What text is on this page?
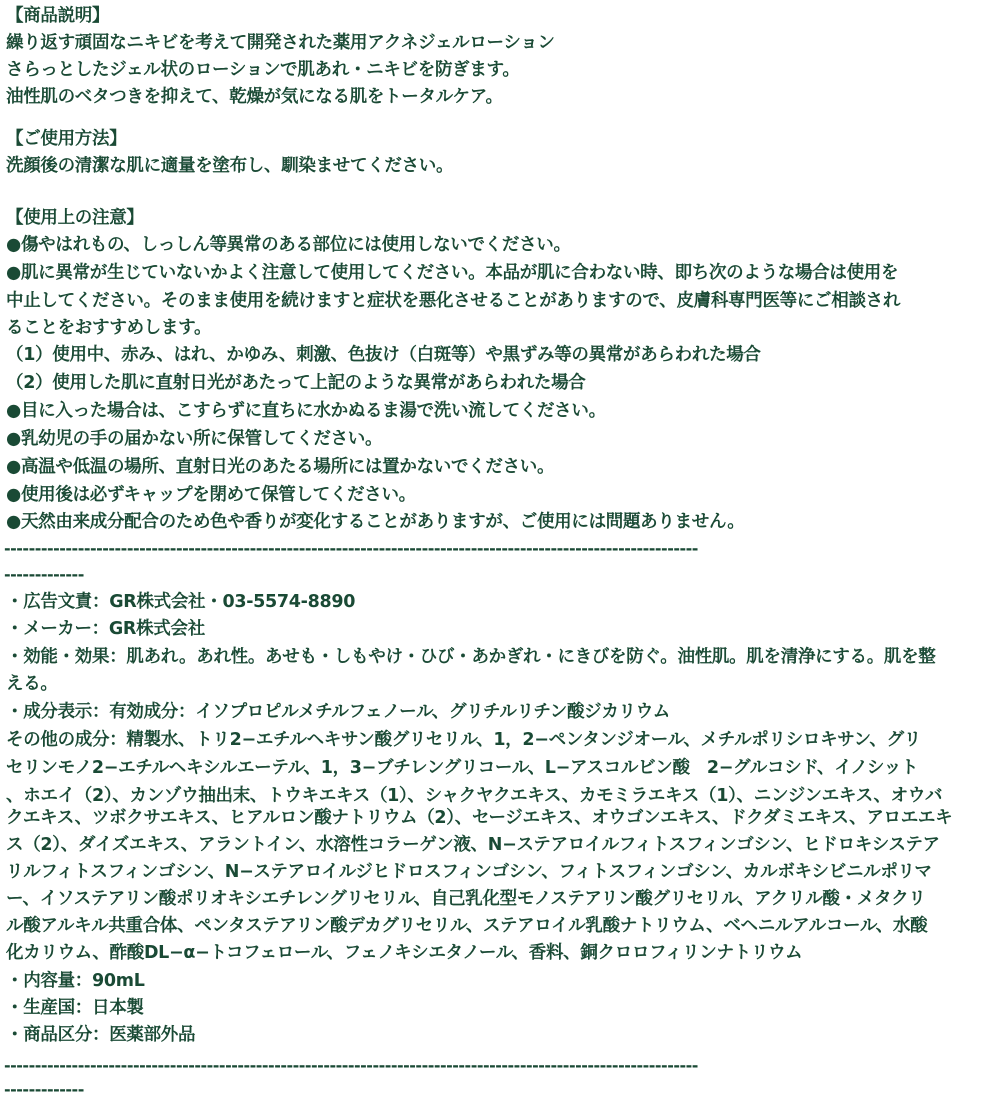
【商品説明】
繰り返す頑固なニキビを考えて開発された薬用アクネジェルローション
さらっとしたジェル状のローションで肌あれ・ニキビを防ぎます。
油性肌のベタつきを抑えて、乾燥が気になる肌をトータルケア。
【ご使用方法】
洗顔後の清潔な肌に適量を塗布し、馴染ませてください。
【使用上の注意】
●傷やはれもの、しっしん等異常のある部位には使用しないでください。
●肌に異常が生じていないかよく注意して使用してください。本品が肌に合わない時、即ち次のような場合は使用を
中止してください。そのまま使用を続けますと症状を悪化させることがありますので、皮膚科専門医等にご相談され
ることをおすすめします。
（1）使用中、赤み、はれ、かゆみ、刺激、色抜け（白斑等）や黒ずみ等の異常があらわれた場合
（2）使用した肌に直射日光があたって上記のような異常があらわれた場合
●目に入った場合は、こすらずに直ちに水かぬるま湯で洗い流してください。
●乳幼児の手の届かない所に保管してください。
●高温や低温の場所、直射日光のあたる場所には置かないでください。
●使用後は必ずキャップを閉めて保管してください。
●天然由来成分配合のため色や香りが変化することがありますが、ご使用には問題ありません。
-----------------------------------------------------------------------------------------------------------------
-------------
・広告文責：GR株式会社・03-5574-8890
・メーカー：GR株式会社
・効能・効果：肌あれ。あれ性。あせも・しもやけ・ひび・あかぎれ・にきびを防ぐ。油性肌。肌を清浄にする。肌を整
える。
・成分表示：有効成分：イソプロピルメチルフェノール、グリチルリチン酸ジカリウム
その他の成分：精製水、トリ2−エチルヘキサン酸グリセリル、1，2−ペンタンジオール、メチルポリシロキサン、グリ
セリンモノ2−エチルヘキシルエーテル、1，3−ブチレングリコール、L−アスコルビン酸　2−グルコシド、イノシット
、ホエイ（2）、カンゾウ抽出末、トウキエキス（1）、シャクヤクエキス、カモミラエキス（1）、ニンジンエキス、オウバ
クエキス、ツボクサエキス、ヒアルロン酸ナトリウム（2）、セージエキス、オウゴンエキス、ドクダミエキス、アロエエキ
ス（2）、ダイズエキス、アラントイン、水溶性コラーゲン液、N−ステアロイルフィトスフィンゴシン、ヒドロキシステア
リルフィトスフィンゴシン、N−ステアロイルジヒドロスフィンゴシン、フィトスフィンゴシン、カルボキシビニルポリマ
ー、イソステアリン酸ポリオキシエチレングリセリル、自己乳化型モノステアリン酸グリセリル、アクリル酸・メタクリ
ル酸アルキル共重合体、ペンタステアリン酸デカグリセリル、ステアロイル乳酸ナトリウム、ベヘニルアルコール、水酸
化カリウム、酢酸DL−α−トコフェロール、フェノキシエタノール、香料、銅クロロフィリンナトリウム
・内容量：90mL
・生産国：日本製
・商品区分：医薬部外品
-----------------------------------------------------------------------------------------------------------------
-------------
